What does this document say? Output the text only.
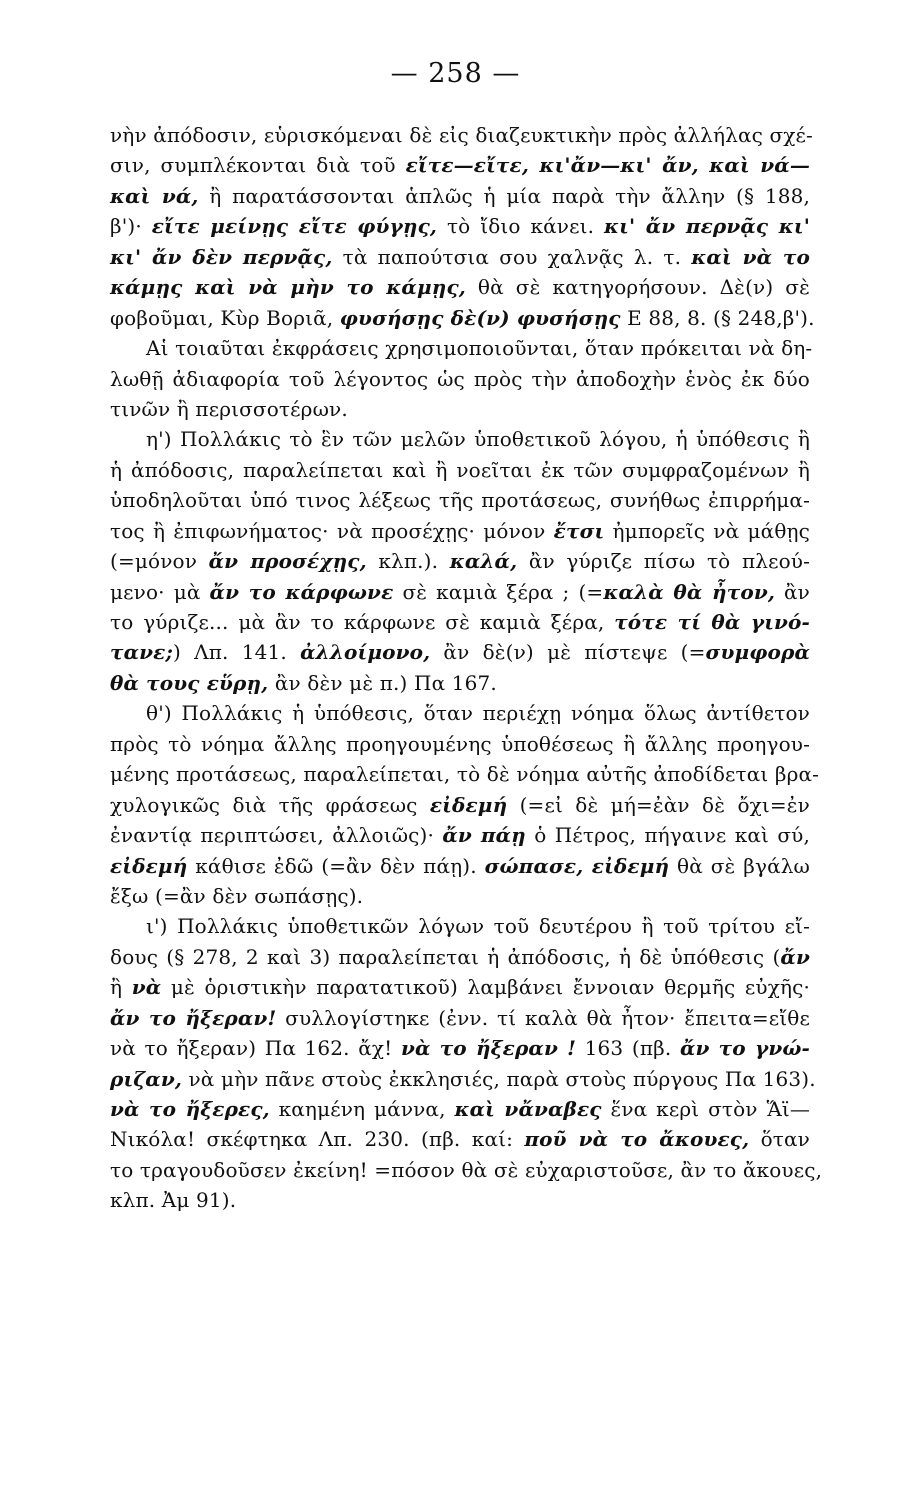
— 258 —
νὴν ἀπόδοσιν, εὑρισκόμεναι δὲ εἰς διαζευκτικὴν πρὸς ἀλλήλας σχέ-
σιν, συμπλέκονται διὰ τοῦ εἴτε—εἴτε, κι'ἄν—κι' ἄν, καὶ νά—
καὶ νά, ἢ παρατάσσονται ἁπλῶς ἡ μία παρὰ τὴν ἄλλην (§ 188,
β')· εἴτε μείνῃς εἴτε φύγῃς, τὸ ἴδιο κάνει. κι' ἄν περνᾷς κι'
κι' ἄν δὲν περνᾷς, τὰ παπούτσια σου χαλνᾷς λ. τ. καὶ νὰ το
κάμῃς καὶ νὰ μὴν το κάμῃς, θὰ σὲ κατηγορήσουν. Δὲ(ν) σὲ
φοβοῦμαι, Κὺρ Βοριᾶ, φυσήσῃς δὲ(ν) φυσήσῃς Ε 88, 8. (§ 248,β').
Αἱ τοιαῦται ἐκφράσεις χρησιμοποιοῦνται, ὅταν πρόκειται νὰ δη-
λωθῇ ἀδιαφορία τοῦ λέγοντος ὡς πρὸς τὴν ἀποδοχὴν ἑνὸς ἐκ δύο
τινῶν ἢ περισσοτέρων.
η') Πολλάκις τὸ ἓν τῶν μελῶν ὑποθετικοῦ λόγου, ἡ ὑπόθεσις ἢ
ἡ ἀπόδοσις, παραλείπεται καὶ ἢ νοεῖται ἐκ τῶν συμφραζομένων ἢ
ὑποδηλοῦται ὑπό τινος λέξεως τῆς προτάσεως, συνήθως ἐπιρρήμα-
τος ἢ ἐπιφωνήματος· νὰ προσέχῃς· μόνον ἔτσι ἠμπορεῖς νὰ μάθῃς
(=μόνον ἄν προσέχῃς, κλπ.). καλά, ἂν γύριζε πίσω τὸ πλεού-
μενο· μὰ ἄν το κάρφωνε σὲ καμιὰ ξέρα ; (=καλὰ θὰ ἦτον, ἂν
το γύριζε... μὰ ἂν το κάρφωνε σὲ καμιὰ ξέρα, τότε τί θὰ γινό-
τανε;) Λπ. 141. ἀλλοίμονο, ἂν δὲ(ν) μὲ πίστεψε (=συμφορὰ
θὰ τους εὕρῃ, ἂν δὲν μὲ π.) Πα 167.
θ') Πολλάκις ἡ ὑπόθεσις, ὅταν περιέχῃ νόημα ὅλως ἀντίθετον
πρὸς τὸ νόημα ἄλλης προηγουμένης ὑποθέσεως ἢ ἄλλης προηγου-
μένης προτάσεως, παραλείπεται, τὸ δὲ νόημα αὐτῆς ἀποδίδεται βρα-
χυλογικῶς διὰ τῆς φράσεως εἰδεμή (=εἰ δὲ μή=ἐὰν δὲ ὄχι=ἐν
ἐναντίᾳ περιπτώσει, ἀλλοιῶς)· ἄν πάῃ ὁ Πέτρος, πήγαινε καὶ σύ,
εἰδεμή κάθισε ἐδῶ (=ἂν δὲν πάῃ). σώπασε, εἰδεμή θὰ σὲ βγάλω
ἔξω (=ἂν δὲν σωπάσῃς).
ι') Πολλάκις ὑποθετικῶν λόγων τοῦ δευτέρου ἢ τοῦ τρίτου εἴ-
δους (§ 278, 2 καὶ 3) παραλείπεται ἡ ἀπόδοσις, ἡ δὲ ὑπόθεσις (ἄν
ἢ νὰ μὲ ὁριστικὴν παρατατικοῦ) λαμβάνει ἔννοιαν θερμῆς εὐχῆς·
ἄν το ἤξεραν! συλλογίστηκε (ἐνν. τί καλὰ θὰ ἦτον· ἔπειτα=εἴθε
νὰ το ἤξεραν) Πα 162. ἄχ! νὰ το ἤξεραν ! 163 (πβ. ἄν το γνώ-
ριζαν, νὰ μὴν πᾶνε στοὺς ἐκκλησιές, παρὰ στοὺς πύργους Πα 163).
νὰ το ἤξερες, καημένη μάννα, καὶ νἄναβες ἕνα κερὶ στὸν Ἅϊ—
Νικόλα! σκέφτηκα Λπ. 230. (πβ. καί: ποῦ νὰ το ἄκουες, ὅταν
το τραγουδοῦσεν ἐκείνη! =πόσον θὰ σὲ εὐχαριστοῦσε, ἂν το ἄκουες,
κλπ. Ἀμ 91).
